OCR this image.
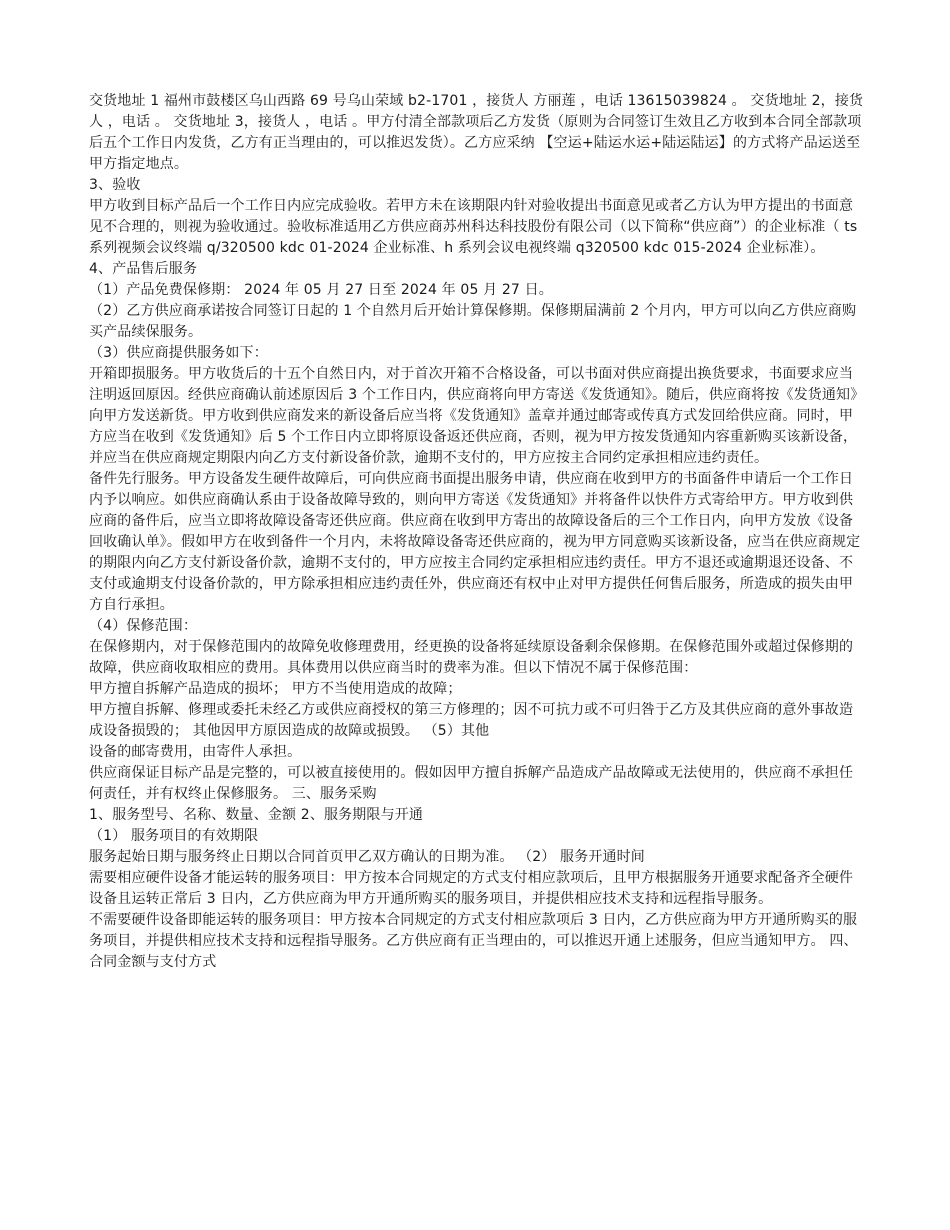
交货地址 1 福州市鼓楼区乌山西路 69 号乌山荣域 b2-1701 ，接货人 方丽莲 ，电话 13615039824 。 交货地址 2，接货人 ，电话 。 交货地址 3，接货人 ，电话 。甲方付清全部款项后乙方发货（原则为合同签订生效且乙方收到本合同全部款项后五个工作日内发货，乙方有正当理由的，可以推迟发货）。乙方应采纳 【空运+陆运水运+陆运陆运】的方式将产品运送至甲方指定地点。

3、验收

甲方收到目标产品后一个工作日内应完成验收。若甲方未在该期限内针对验收提出书面意见或者乙方认为甲方提出的书面意见不合理的，则视为验收通过。验收标准适用乙方供应商苏州科达科技股份有限公司（以下简称“供应商”）的企业标准（ ts 系列视频会议终端 q/320500 kdc 01-2024 企业标准、h 系列会议电视终端 q320500 kdc 015-2024 企业标准）。

4、产品售后服务

（1）产品免费保修期： 2024 年 05 月 27 日至 2024 年 05 月 27 日。

（2）乙方供应商承诺按合同签订日起的 1 个自然月后开始计算保修期。保修期届满前 2 个月内，甲方可以向乙方供应商购买产品续保服务。

（3）供应商提供服务如下：

开箱即损服务。甲方收货后的十五个自然日内，对于首次开箱不合格设备，可以书面对供应商提出换货要求，书面要求应当注明返回原因。经供应商确认前述原因后 3 个工作日内，供应商将向甲方寄送《发货通知》。随后，供应商将按《发货通知》向甲方发送新货。甲方收到供应商发来的新设备后应当将《发货通知》盖章并通过邮寄或传真方式发回给供应商。同时，甲方应当在收到《发货通知》后 5 个工作日内立即将原设备返还供应商，否则，视为甲方按发货通知内容重新购买该新设备，并应当在供应商规定期限内向乙方支付新设备价款，逾期不支付的，甲方应按主合同约定承担相应违约责任。

备件先行服务。甲方设备发生硬件故障后，可向供应商书面提出服务申请，供应商在收到甲方的书面备件申请后一个工作日内予以响应。如供应商确认系由于设备故障导致的，则向甲方寄送《发货通知》并将备件以快件方式寄给甲方。甲方收到供应商的备件后，应当立即将故障设备寄还供应商。供应商在收到甲方寄出的故障设备后的三个工作日内，向甲方发放《设备回收确认单》。假如甲方在收到备件一个月内，未将故障设备寄还供应商的，视为甲方同意购买该新设备，应当在供应商规定的期限内向乙方支付新设备价款，逾期不支付的，甲方应按主合同约定承担相应违约责任。甲方不退还或逾期退还设备、不支付或逾期支付设备价款的，甲方除承担相应违约责任外，供应商还有权中止对甲方提供任何售后服务，所造成的损失由甲方自行承担。

（4）保修范围：

在保修期内，对于保修范围内的故障免收修理费用，经更换的设备将延续原设备剩余保修期。在保修范围外或超过保修期的故障，供应商收取相应的费用。具体费用以供应商当时的费率为准。但以下情况不属于保修范围：

甲方擅自拆解产品造成的损坏； 甲方不当使用造成的故障；

甲方擅自拆解、修理或委托未经乙方或供应商授权的第三方修理的；因不可抗力或不可归咎于乙方及其供应商的意外事故造成设备损毁的； 其他因甲方原因造成的故障或损毁。 （5）其他

设备的邮寄费用，由寄件人承担。

供应商保证目标产品是完整的，可以被直接使用的。假如因甲方擅自拆解产品造成产品故障或无法使用的，供应商不承担任何责任，并有权终止保修服务。 三、服务采购

1、服务型号、名称、数量、金额 2、服务期限与开通

（1） 服务项目的有效期限

服务起始日期与服务终止日期以合同首页甲乙双方确认的日期为准。 （2） 服务开通时间

需要相应硬件设备才能运转的服务项目：甲方按本合同规定的方式支付相应款项后，且甲方根据服务开通要求配备齐全硬件设备且运转正常后 3 日内，乙方供应商为甲方开通所购买的服务项目，并提供相应技术支持和远程指导服务。

不需要硬件设备即能运转的服务项目：甲方按本合同规定的方式支付相应款项后 3 日内，乙方供应商为甲方开通所购买的服务项目，并提供相应技术支持和远程指导服务。乙方供应商有正当理由的，可以推迟开通上述服务，但应当通知甲方。 四、合同金额与支付方式
